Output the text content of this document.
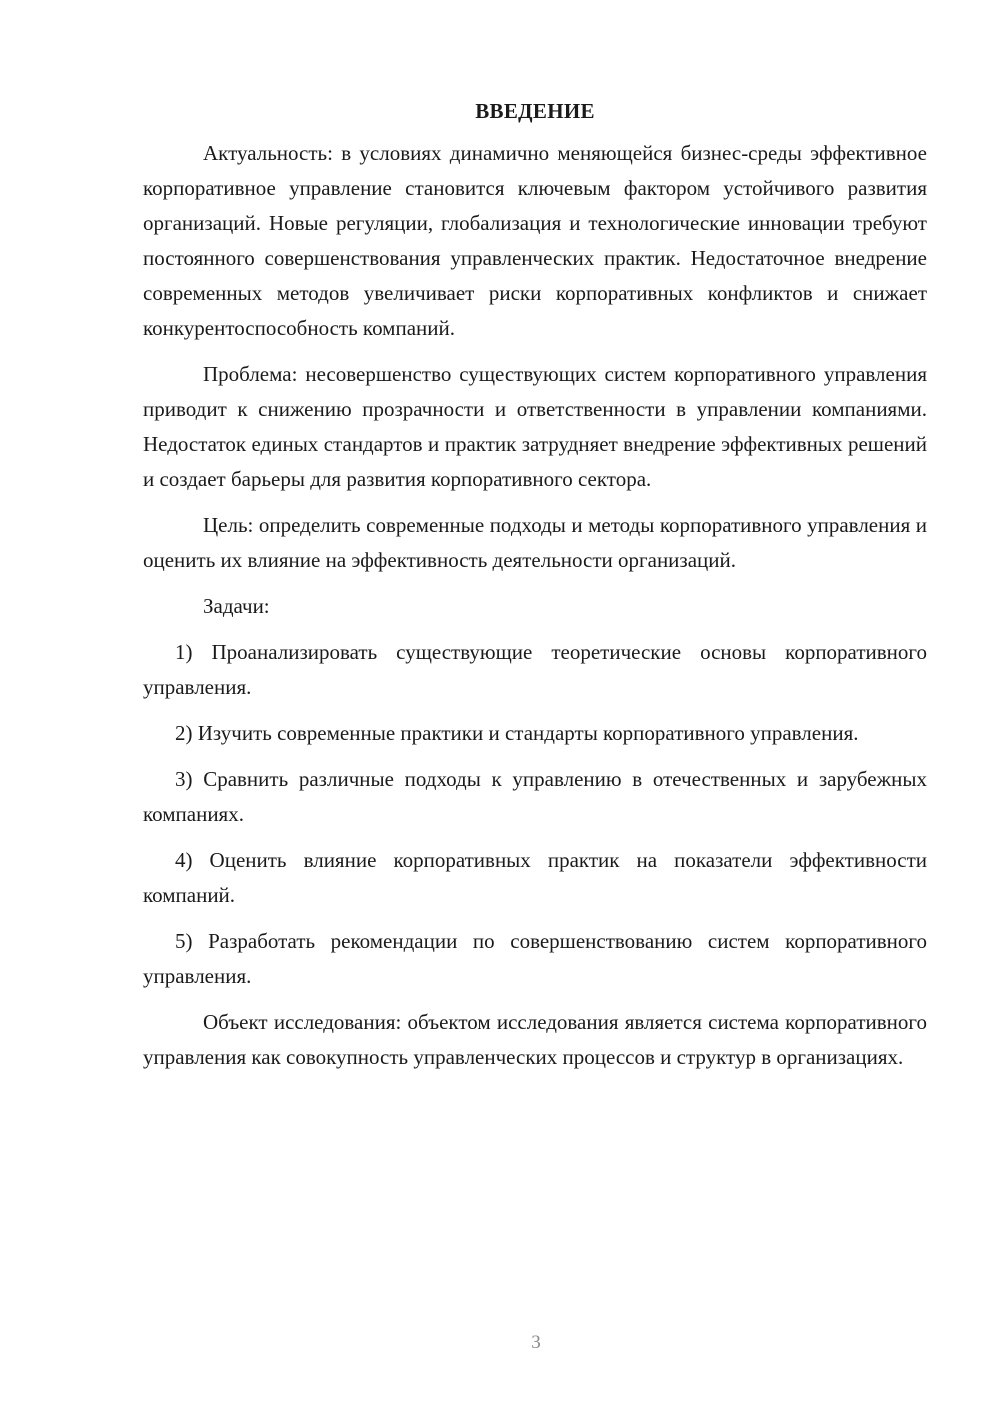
ВВЕДЕНИЕ

Актуальность: в условиях динамично меняющейся бизнес-среды эффективное корпоративное управление становится ключевым фактором устойчивого развития организаций. Новые регуляции, глобализация и технологические инновации требуют постоянного совершенствования управленческих практик. Недостаточное внедрение современных методов увеличивает риски корпоративных конфликтов и снижает конкурентоспособность компаний.

Проблема: несовершенство существующих систем корпоративного управления приводит к снижению прозрачности и ответственности в управлении компаниями. Недостаток единых стандартов и практик затрудняет внедрение эффективных решений и создает барьеры для развития корпоративного сектора.

Цель: определить современные подходы и методы корпоративного управления и оценить их влияние на эффективность деятельности организаций.

Задачи:

1) Проанализировать существующие теоретические основы корпоративного управления.

2) Изучить современные практики и стандарты корпоративного управления.

3) Сравнить различные подходы к управлению в отечественных и зарубежных компаниях.

4) Оценить влияние корпоративных практик на показатели эффективности компаний.

5) Разработать рекомендации по совершенствованию систем корпоративного управления.

Объект исследования: объектом исследования является система корпоративного управления как совокупность управленческих процессов и структур в организациях.

3
